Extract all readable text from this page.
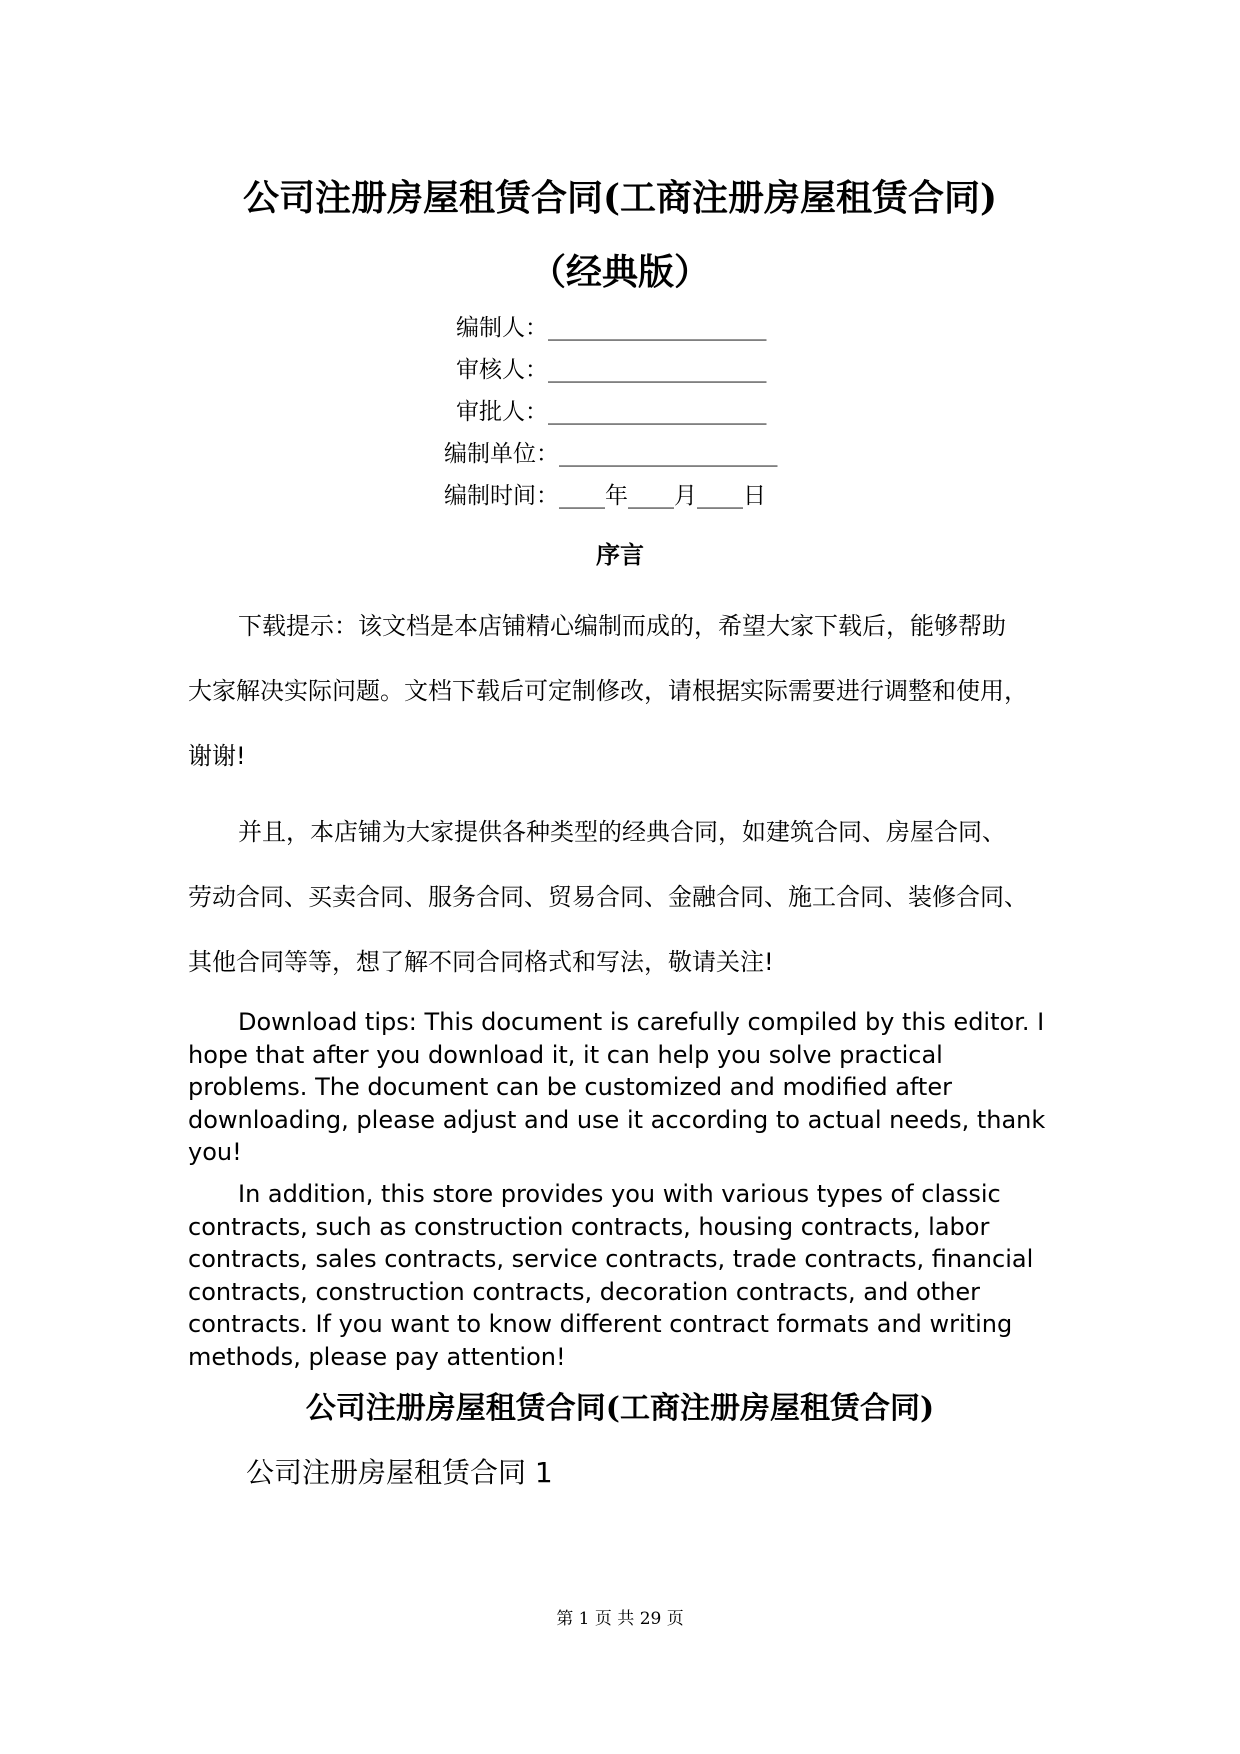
公司注册房屋租赁合同(工商注册房屋租赁合同)
（经典版）
编制人：___________________
审核人：___________________
审批人：___________________
编制单位：___________________
编制时间：____年____月____日
序言
下载提示：该文档是本店铺精心编制而成的，希望大家下载后，能够帮助
大家解决实际问题。文档下载后可定制修改，请根据实际需要进行调整和使用，
谢谢!
并且，本店铺为大家提供各种类型的经典合同，如建筑合同、房屋合同、
劳动合同、买卖合同、服务合同、贸易合同、金融合同、施工合同、装修合同、
其他合同等等，想了解不同合同格式和写法，敬请关注!

Download tips: This document is carefully compiled by this editor. I hope that after you download it, it can help you solve practical problems. The document can be customized and modified after downloading, please adjust and use it according to actual needs, thank you!

In addition, this store provides you with various types of classic contracts, such as construction contracts, housing contracts, labor contracts, sales contracts, service contracts, trade contracts, financial contracts, construction contracts, decoration contracts, and other contracts. If you want to know different contract formats and writing methods, please pay attention!

公司注册房屋租赁合同(工商注册房屋租赁合同)
公司注册房屋租赁合同 1
第 1 页 共 29 页
